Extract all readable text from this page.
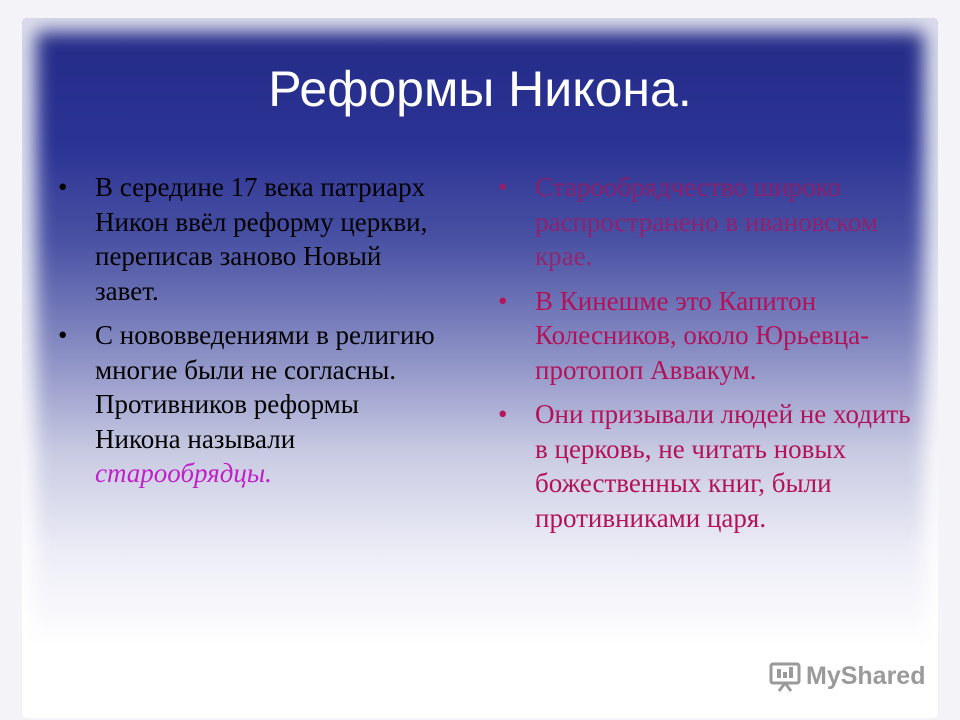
Реформы Никона.
•	В середине 17 века патриарх Никон ввёл реформу церкви, переписав заново Новый завет.
•	С нововведениями в религию многие были не согласны. Противников реформы Никона называли старообрядцы.
•	Старообрядчество широко распространено в ивановском крае.
•	В Кинешме это Капитон Колесников, около Юрьевца- протопоп Аввакум.
•	Они призывали людей не ходить в церковь, не читать новых божественных книг, были противниками царя.
MyShared
